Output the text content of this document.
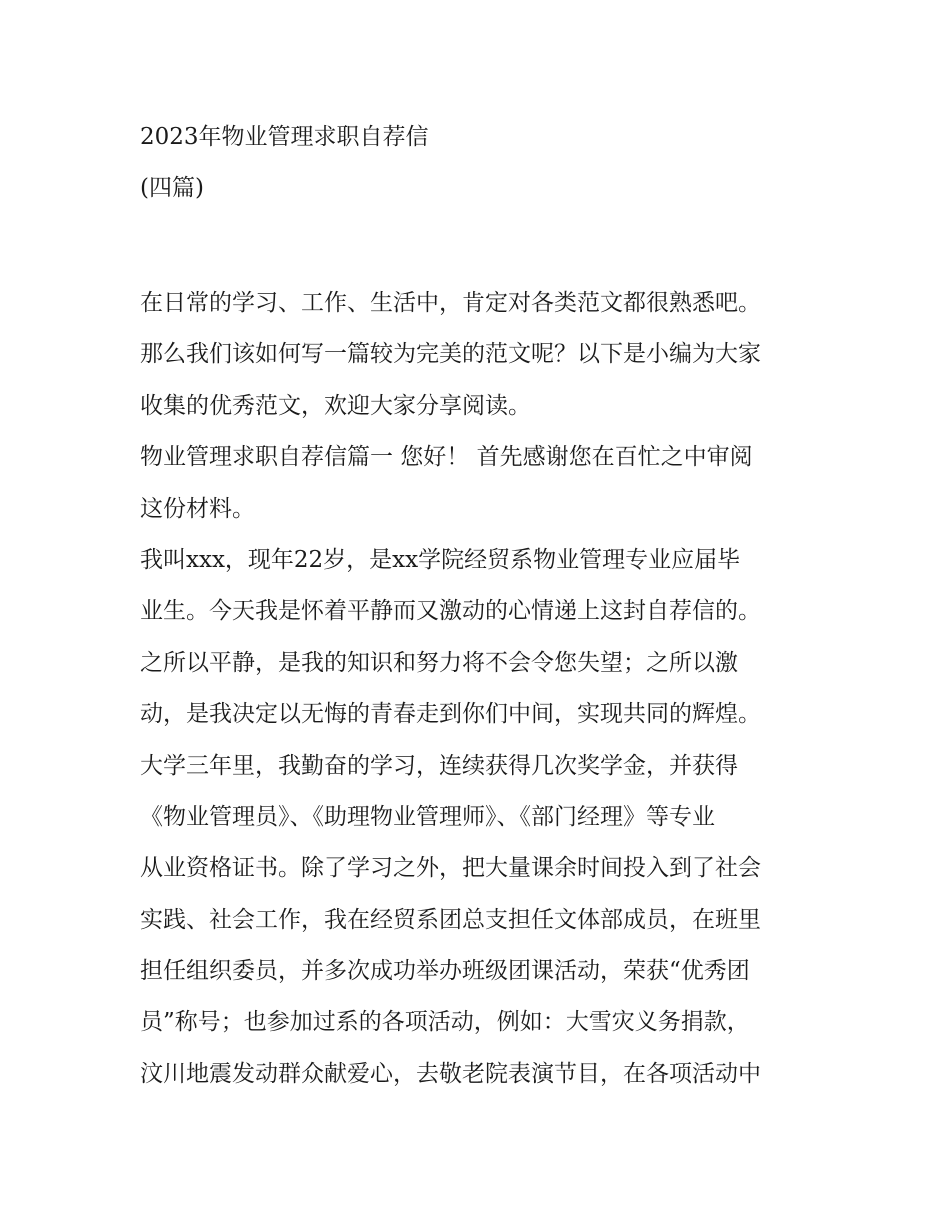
2023年物业管理求职自荐信
(四篇)
在日常的学习、工作、生活中，肯定对各类范文都很熟悉吧。
那么我们该如何写一篇较为完美的范文呢？以下是小编为大家
收集的优秀范文，欢迎大家分享阅读。
物业管理求职自荐信篇一 您好！ 首先感谢您在百忙之中审阅
这份材料。
我叫xxx，现年22岁，是xx学院经贸系物业管理专业应届毕
业生。今天我是怀着平静而又激动的心情递上这封自荐信的。
之所以平静，是我的知识和努力将不会令您失望；之所以激
动，是我决定以无悔的青春走到你们中间，实现共同的辉煌。
大学三年里，我勤奋的学习，连续获得几次奖学金，并获得
《物业管理员》、《助理物业管理师》、《部门经理》等专业
从业资格证书。除了学习之外，把大量课余时间投入到了社会
实践、社会工作，我在经贸系团总支担任文体部成员，在班里
担任组织委员，并多次成功举办班级团课活动，荣获“优秀团
员”称号；也参加过系的各项活动，例如：大雪灾义务捐款，
汶川地震发动群众献爱心，去敬老院表演节目，在各项活动中
